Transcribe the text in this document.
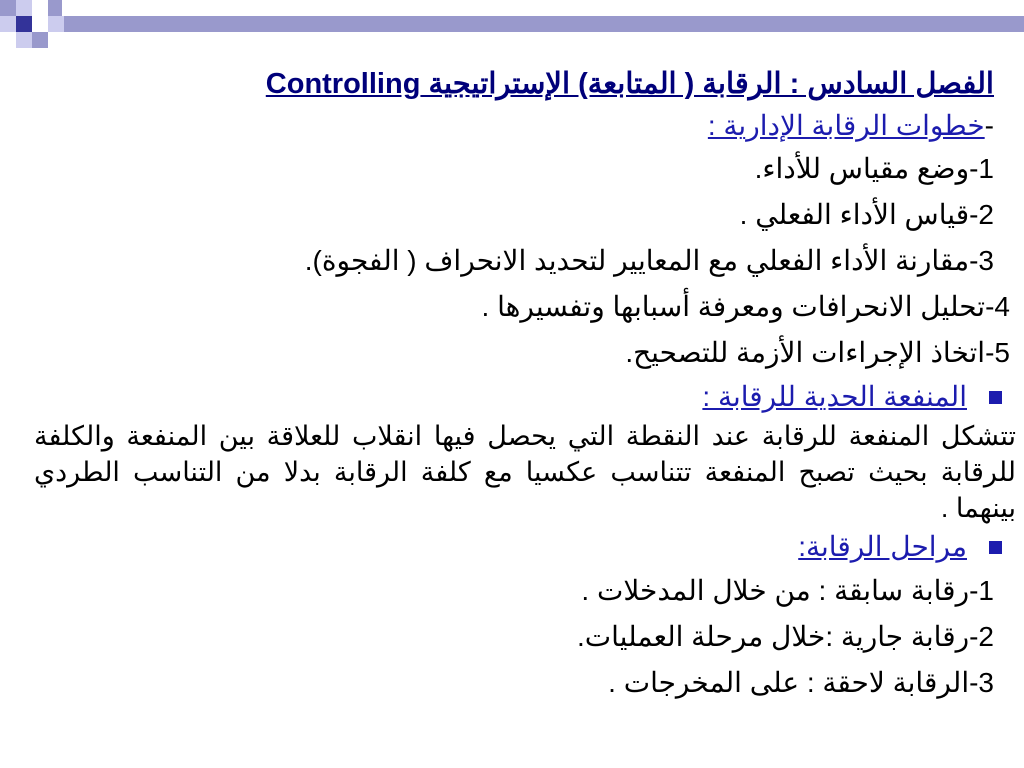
الفصل السادس : الرقابة ( المتابعة) الإستراتيجية Controlling

-خطوات الرقابة الإدارية :

1-وضع مقياس للأداء.

2-قياس الأداء الفعلي .

3-مقارنة الأداء الفعلي مع المعايير لتحديد الانحراف ( الفجوة).

4-تحليل الانحرافات ومعرفة أسبابها وتفسيرها .

5-اتخاذ الإجراءات الأزمة للتصحيح.

المنفعة الحدية للرقابة :

تتشكل المنفعة للرقابة عند النقطة التي يحصل فيها انقلاب للعلاقة بين المنفعة والكلفة للرقابة بحيث تصبح المنفعة تتناسب عكسيا مع كلفة الرقابة بدلا من التناسب الطردي بينهما .

مراحل الرقابة:

1-رقابة سابقة : من خلال المدخلات .

2-رقابة جارية :خلال مرحلة العمليات.

3-الرقابة لاحقة : على المخرجات .
